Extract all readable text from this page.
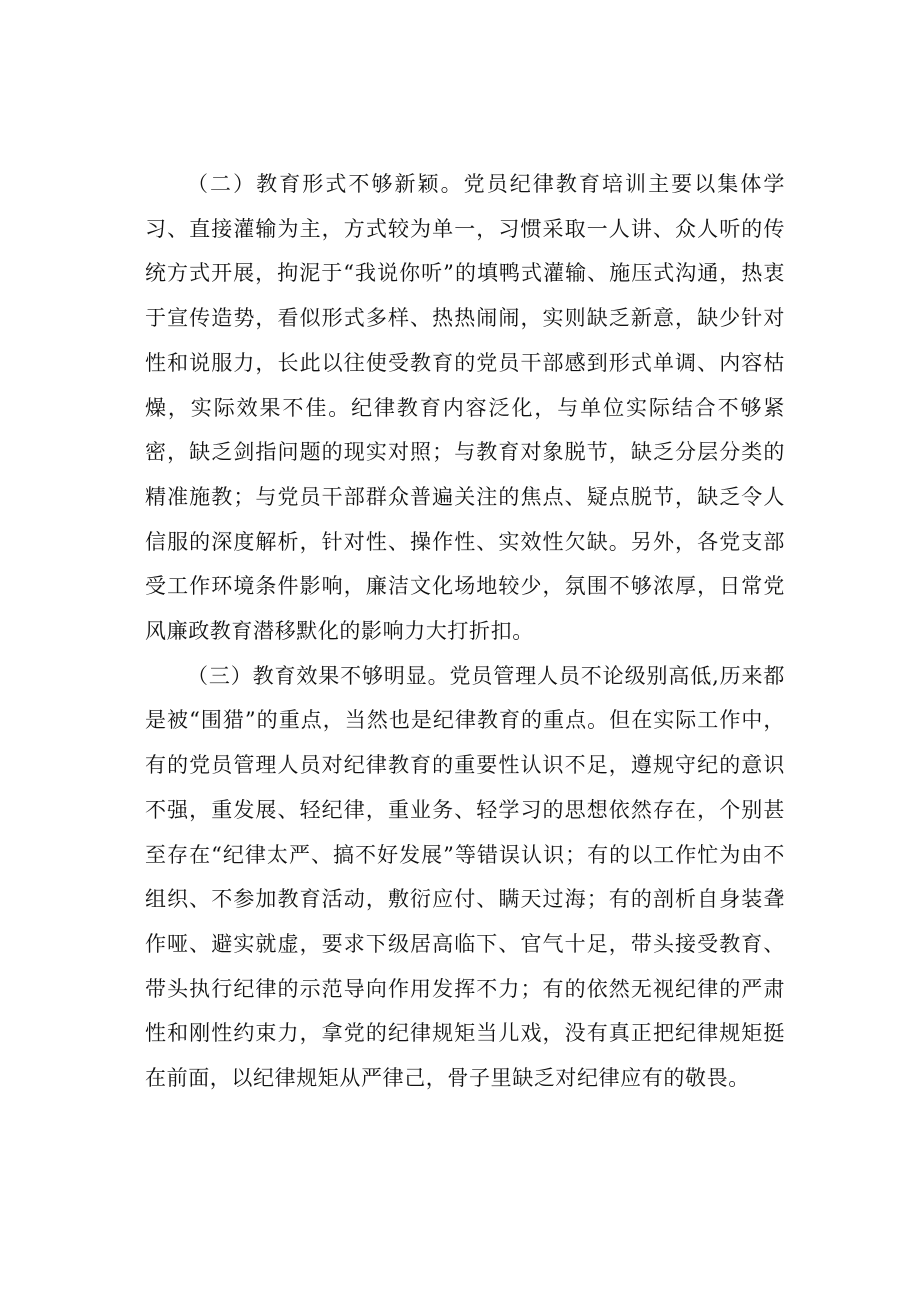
（二）教育形式不够新颖。党员纪律教育培训主要以集体学习、直接灌输为主，方式较为单一，习惯采取一人讲、众人听的传统方式开展，拘泥于“我说你听”的填鸭式灌输、施压式沟通，热衷于宣传造势，看似形式多样、热热闹闹，实则缺乏新意，缺少针对性和说服力，长此以往使受教育的党员干部感到形式单调、内容枯燥，实际效果不佳。纪律教育内容泛化，与单位实际结合不够紧密，缺乏剑指问题的现实对照；与教育对象脱节，缺乏分层分类的精准施教；与党员干部群众普遍关注的焦点、疑点脱节，缺乏令人信服的深度解析，针对性、操作性、实效性欠缺。另外，各党支部受工作环境条件影响，廉洁文化场地较少，氛围不够浓厚，日常党风廉政教育潜移默化的影响力大打折扣。

（三）教育效果不够明显。党员管理人员不论级别高低,历来都是被“围猎”的重点，当然也是纪律教育的重点。但在实际工作中，有的党员管理人员对纪律教育的重要性认识不足，遵规守纪的意识不强，重发展、轻纪律，重业务、轻学习的思想依然存在，个别甚至存在“纪律太严、搞不好发展”等错误认识；有的以工作忙为由不组织、不参加教育活动，敷衍应付、瞒天过海；有的剖析自身装聋作哑、避实就虚，要求下级居高临下、官气十足，带头接受教育、带头执行纪律的示范导向作用发挥不力；有的依然无视纪律的严肃性和刚性约束力，拿党的纪律规矩当儿戏，没有真正把纪律规矩挺在前面，以纪律规矩从严律己，骨子里缺乏对纪律应有的敬畏。
